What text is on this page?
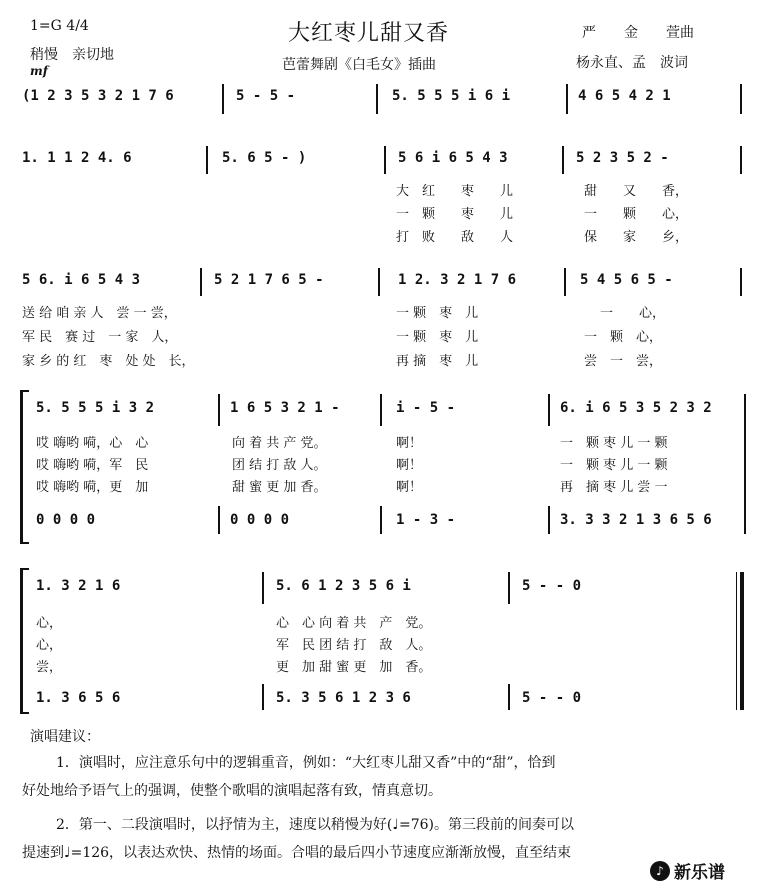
1=G 4/4
稍慢　亲切地
mf
大红枣儿甜又香
芭蕾舞剧《白毛女》插曲
严　　金　　萱曲
杨永直、孟　波词
(1 2 3 5 3 2 1 7 6	5 - 5 -	5. 5 5 5 i 6 i	4 6 5 4 2 1
1. 1 1 2 4. 6	5. 6 5 - )	5 6 i 6 5 4 3	5 2 3 5 2 -
大　红　　枣　　儿	甜　　又　　香，
一　颗　　枣　　儿	一　　颗　　心，
打　败　　敌　　人	保　　家　　乡，
5 6. i 6 5 4 3	5 2 1 7 6 5 -	1 2. 3 2 1 7 6	5 4 5 6 5 -
送 给 咱 亲 人　尝 一 尝，	一 颗　枣　儿	一　　心，
军 民　赛 过　一 家　人，	一 颗　枣　儿	一　颗　心，
家 乡 的 红　枣　处 处　长，	再 摘　枣　儿	尝　一　尝，
5. 5 5 5 i 3 2	1 6 5 3 2 1 -	i - 5 -	6. i 6 5 3 5 2 3 2
哎 嗨哟 嗬，心　心	向 着 共 产 党。	啊！	一　颗 枣 儿 一 颗
哎 嗨哟 嗬，军　民	团 结 打 敌 人。	啊！	一　颗 枣 儿 一 颗
哎 嗨哟 嗬，更　加	甜 蜜 更 加 香。	啊！	再　摘 枣 儿 尝 一
0 0 0 0	0 0 0 0	1 - 3 -	3. 3 3 2 1 3 6 5 6
1. 3 2 1 6	5. 6 1 2 3 5 6 i	5 - - 0
心，	心　心 向 着 共　产　党。
心，	军　民 团 结 打　敌　人。
尝，	更　加 甜 蜜 更　加　香。
1. 3 6 5 6	5. 3 5 6 1 2 3 6	5 - - 0
演唱建议：
1．演唱时，应注意乐句中的逻辑重音，例如：“大红枣儿甜又香”中的“甜”，恰到
好处地给予语气上的强调，使整个歌唱的演唱起落有致，情真意切。
2．第一、二段演唱时，以抒情为主，速度以稍慢为好(♩=76)。第三段前的间奏可以
提速到♩=126，以表达欢快、热情的场面。合唱的最后四小节速度应渐渐放慢，直至结束
♪ 新乐谱
